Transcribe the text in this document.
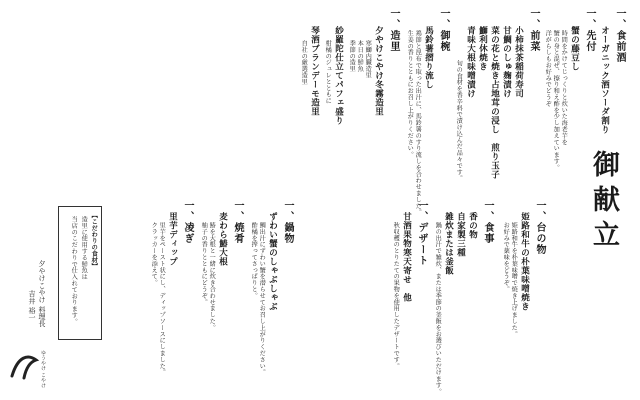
御献立
一、食前酒
オーガニック酒ソーダ割り
一、先付
蟹の藤豆し
時間をかけてじっくりと炊いた海老芋を
蟹の身と混ぜ、擦り和え酢を少し加えています。
洋がらしもお好みでどうぞ
一、前菜
小柿抹茶稲荷寿司
甘鯛のしゅ麹漬け
菜の花と焼き占地茸の浸し　煎り玉子
鰤利休焼き
青味大根味噌漬け
旬の食材を香辛料で漬け込んだ品々です。
一、御椀
馬鈴薯摺り流し
鶏節と昆布で取った出汁に、馬鈴薯のすり流しを合わせました。
生姜の香りとともにお召し上がりください。
一、造里
夕やけこやけ冬霧造里
寒鰤内臓造里
本日の鮮魚
季節の造里
紗羅陀仕立てパフェ盛り
柑橘のジュレとともに
琴酒ブランデーモ造里
自社の厳選造里
一、鍋物
ずわい蟹のしゃぶしゃぶ
鯛出汁にずわい蟹を潜らせてお召し上がりください。
酢橘を搾ってさっぱりと。
一、焼肴
麦わら鰆大根
鰆を大根と一緒に炊き合わせました。
柚子の香りとともにどうぞ。
一、凌ぎ
里芋ディップ
里芋をペースト状にし、ディップソースにしました。
クラッカーを添えて。	一、台の物
姫路和牛の朴葉味噌焼き
姫路和牛を朴葉味噌で焼き上げました。
お好みで薬味をどうぞ。
一、食事
香の物
自家製三種
雑炊または釜飯
鍋の出汁で雑炊、または季節の釜飯をお選びいただけます。
一、デザート
甘酒果物寒天寄せ　他
秋収穫のとりたての果物を使用したデザートです。
【こだわりの食材】
造里に使用する鮮魚は
当店のこだわりで仕入れております。
夕やけこやけ 料理長
吉井 裕一
ゆうやけ こやけ
